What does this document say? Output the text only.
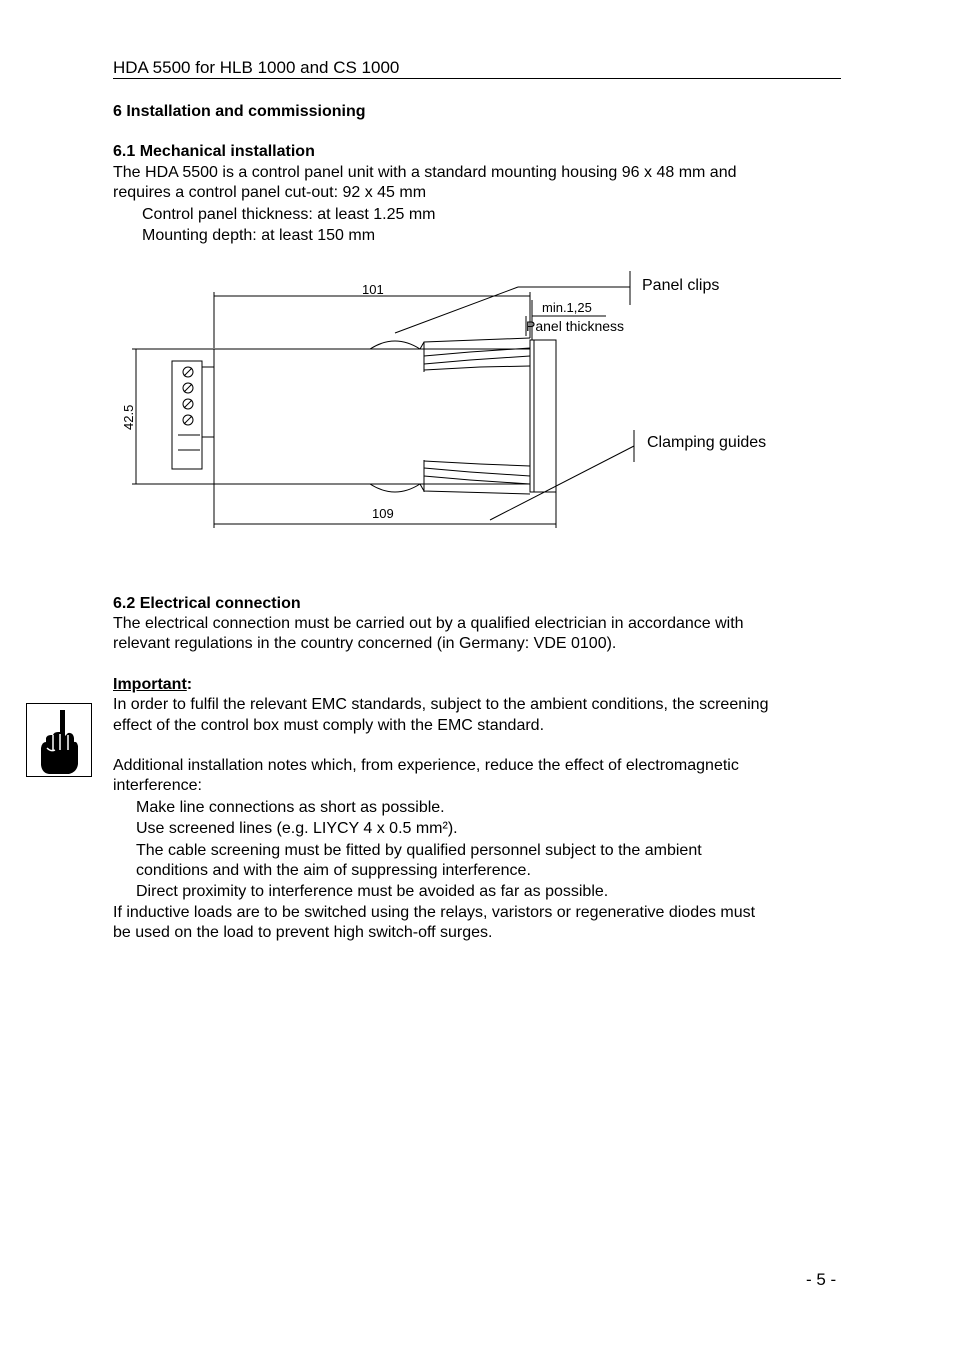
HDA 5500 for HLB 1000 and CS 1000
6 Installation and commissioning
6.1 Mechanical installation
The HDA 5500 is a control panel unit with a standard mounting housing 96 x 48 mm and
requires a control panel cut-out: 92 x 45 mm
Control panel thickness: at least 1.25 mm
Mounting depth: at least 150 mm
101
109
42.5
min.1,25
Panel thickness
Panel clips
Clamping guides
6.2 Electrical connection
The electrical connection must be carried out by a qualified electrician in accordance with
relevant regulations in the country concerned (in Germany: VDE 0100).
Important:
In order to fulfil the relevant EMC standards, subject to the ambient conditions, the screening
effect of the control box must comply with the EMC standard.
Additional installation notes which, from experience, reduce the effect of electromagnetic
interference:
Make line connections as short as possible.
Use screened lines (e.g. LIYCY 4 x 0.5 mm²).
The cable screening must be fitted by qualified personnel subject to the ambient
conditions and with the aim of suppressing interference.
Direct proximity to interference must be avoided as far as possible.
If inductive loads are to be switched using the relays, varistors or regenerative diodes must
be used on the load to prevent high switch-off surges.
- 5 -
